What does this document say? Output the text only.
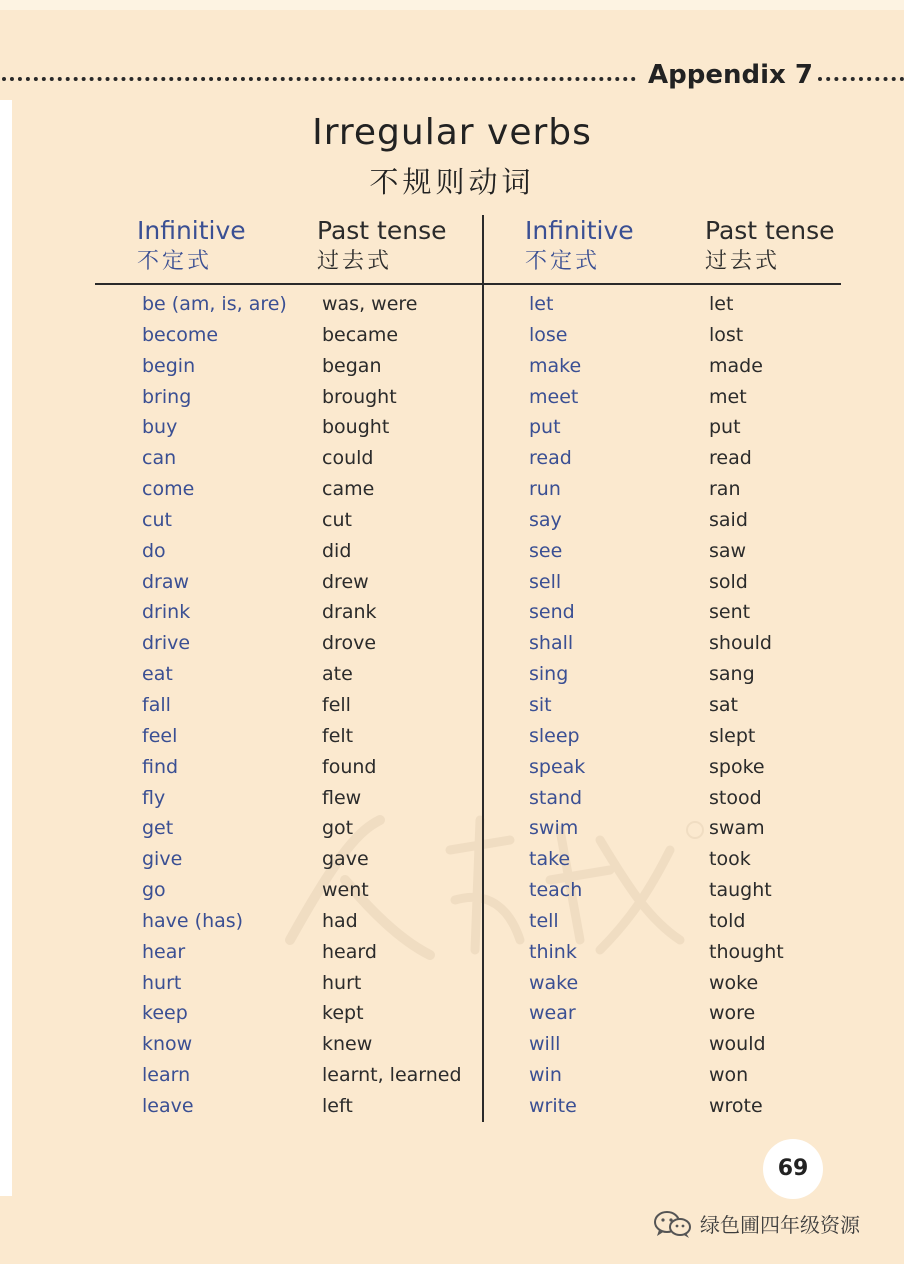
Appendix 7
Irregular verbs
不规则动词
Infinitive
不定式
Past tense
过去式
Infinitive
不定式
Past tense
过去式
be (am, is, are)
become
begin
bring
buy
can
come
cut
do
draw
drink
drive
eat
fall
feel
find
fly
get
give
go
have (has)
hear
hurt
keep
know
learn
leave
was, were
became
began
brought
bought
could
came
cut
did
drew
drank
drove
ate
fell
felt
found
flew
got
gave
went
had
heard
hurt
kept
knew
learnt, learned
left
let
lose
make
meet
put
read
run
say
see
sell
send
shall
sing
sit
sleep
speak
stand
swim
take
teach
tell
think
wake
wear
will
win
write
let
lost
made
met
put
read
ran
said
saw
sold
sent
should
sang
sat
slept
spoke
stood
swam
took
taught
told
thought
woke
wore
would
won
wrote
69
绿色圃四年级资源
